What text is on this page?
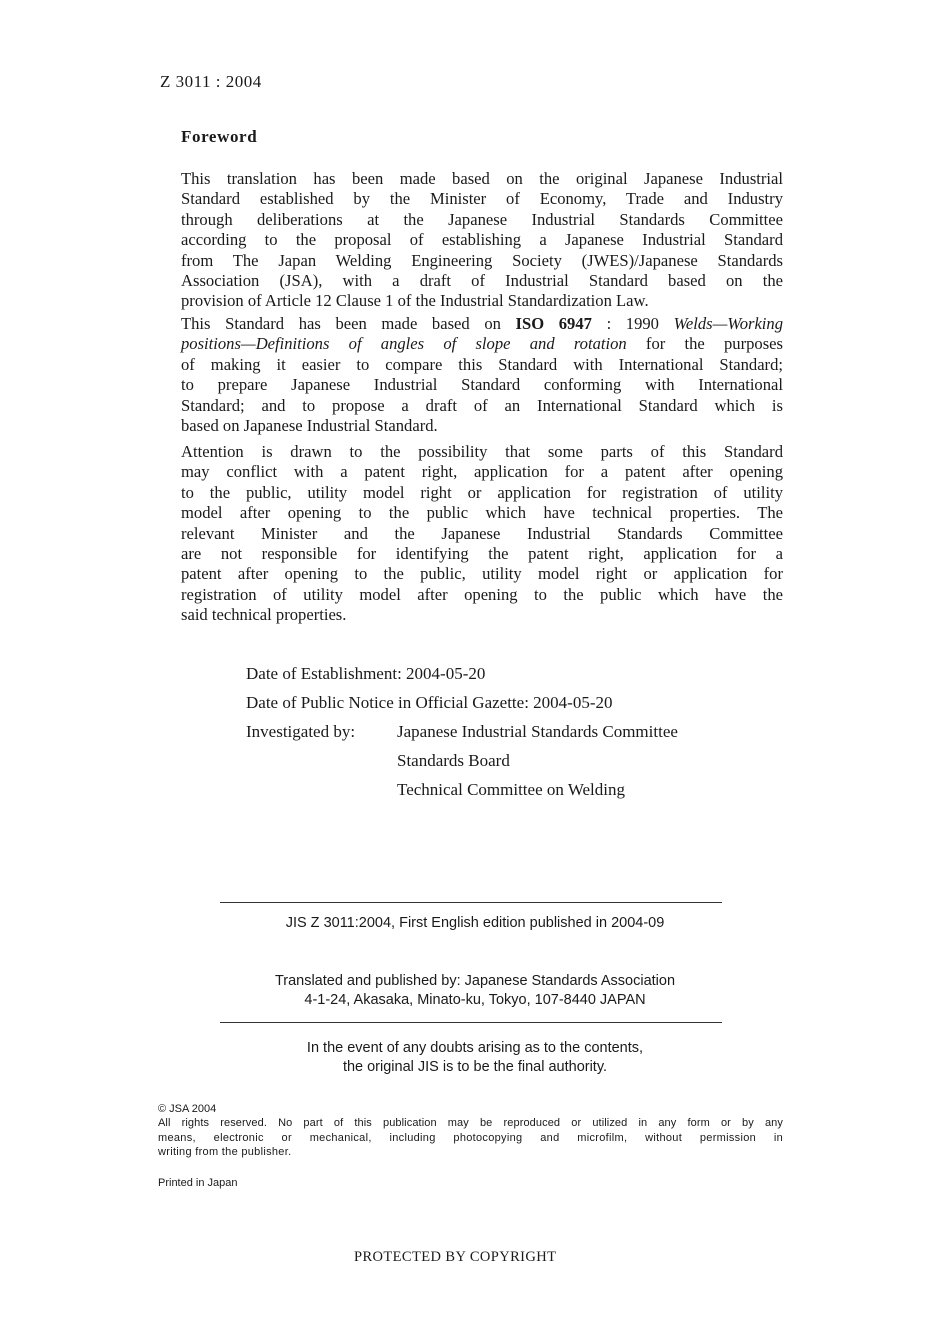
Z 3011 : 2004
Foreword
This translation has been made based on the original Japanese Industrial
Standard established by the Minister of Economy, Trade and Industry
through deliberations at the Japanese Industrial Standards Committee
according to the proposal of establishing a Japanese Industrial Standard
from The Japan Welding Engineering Society (JWES)/Japanese Standards
Association (JSA), with a draft of Industrial Standard based on the
provision of Article 12 Clause 1 of the Industrial Standardization Law.
This Standard has been made based on ISO 6947 : 1990 Welds—Working
positions—Definitions of angles of slope and rotation for the purposes
of making it easier to compare this Standard with International Standard;
to prepare Japanese Industrial Standard conforming with International
Standard; and to propose a draft of an International Standard which is
based on Japanese Industrial Standard.
Attention is drawn to the possibility that some parts of this Standard
may conflict with a patent right, application for a patent after opening
to the public, utility model right or application for registration of utility
model after opening to the public which have technical properties. The
relevant Minister and the Japanese Industrial Standards Committee
are not responsible for identifying the patent right, application for a
patent after opening to the public, utility model right or application for
registration of utility model after opening to the public which have the
said technical properties.
Date of Establishment: 2004-05-20
Date of Public Notice in Official Gazette: 2004-05-20
Investigated by: Japanese Industrial Standards Committee
Standards Board
Technical Committee on Welding
JIS Z 3011:2004, First English edition published in 2004-09
Translated and published by: Japanese Standards Association
4-1-24, Akasaka, Minato-ku, Tokyo, 107-8440 JAPAN
In the event of any doubts arising as to the contents,
the original JIS is to be the final authority.
© JSA 2004
All rights reserved. No part of this publication may be reproduced or utilized in any form or by any
means, electronic or mechanical, including photocopying and microfilm, without permission in
writing from the publisher.
Printed in Japan
PROTECTED BY COPYRIGHT
